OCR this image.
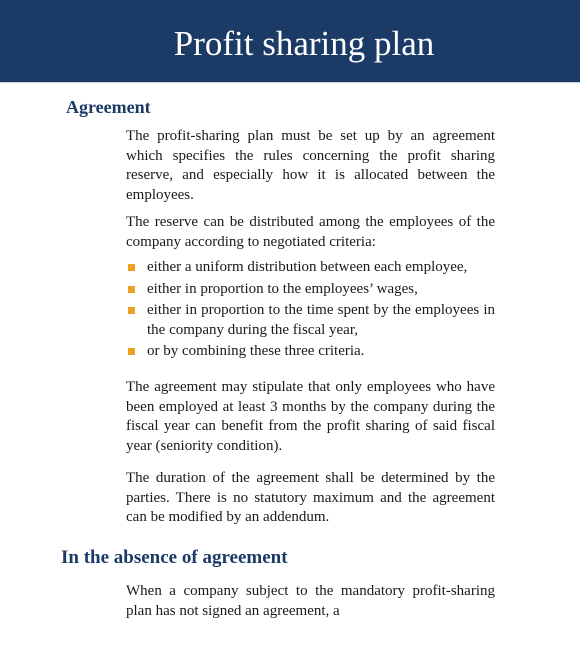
Profit sharing plan
Agreement

The profit-sharing plan must be set up by an agreement which specifies the rules concerning the profit sharing reserve, and especially how it is allocated between the employees.

The reserve can be distributed among the employees of the company according to negotiated criteria:

either a uniform distribution between each employee,
either in proportion to the employees’ wages,
either in proportion to the time spent by the employees in the company during the fiscal year,
or by combining these three criteria.

The agreement may stipulate that only employees who have been employed at least 3 months by the company during the fiscal year can benefit from the profit sharing of said fiscal year (seniority condition).

The duration of the agreement shall be determined by the parties. There is no statutory maximum and the agreement can be modified by an addendum.

In the absence of agreement

When a company subject to the mandatory profit-sharing plan has not signed an agreement, a
